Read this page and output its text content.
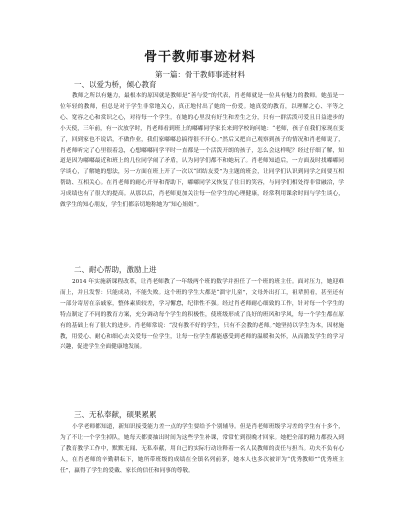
骨干教师事迹材料
第一篇：骨干教师事迹材料
一、以爱为桥，倾心教育
教师之所以有魅力，最根本的原因就是教师是“善与爱”的代表，肖老师就是一位具有魅力的教师。她虽是一位年轻的教师，但总是对于学生非常地关心，真正地付出了她的一份爱。她真爱的教育，以理解之心、平等之心、宽容之心和赏识之心，对待每一个学生，在她的心里没有好生和差生之分，只有一群活泼可爱且日益进步的小天使，三年前，有一次放学时，肖老师看到班上的嘟嘟同学家长来到学校询问她：“老师，孩子在我们家现在变了，回到家也不说话，不做作业，我们家嘟嘟总搞得很不开心。”然后又把自己观察到孩子的情况和肖老师说了，肖老师听完了心里很着急，心想嘟嘟同学平时一直都是一个活泼开朗的孩子，怎么会这样呢？经过仔细了解，知道是因为嘟嘟最近和班上的几位同学闹了矛盾，认为同学们都不和她玩了。肖老师知道后，一方面及时找嘟嘟同学谈心，了解她的想法，另一方面在班上开了一次以“团结友爱”为主题的班会，让同学们认识到同学之间要互相帮助、互相关心。在肖老师的耐心开导和帮助下，嘟嘟同学又恢复了往日的笑容，与同学们相处得非常融洽，学习成绩也有了很大的提高。从那以后，肖老师更加关注每一位学生的心理健康，经常利用课余时间与学生谈心，做学生的知心朋友，学生们都亲切地称她为“知心姐姐”。
二、耐心帮助，激励上进
2014 年实施新课程改革，让肖老师教了一年级两个班的数学并担任了一个班的班主任。面对压力，她迎难而上，并且发誓：只能成功，不能失败。这个班的学生大都是“溜守儿童”，文母外出打工，祖辈照看，甚至还有一部分寄居在亲戚家，整体素质较差，学习懈怠，纪律性不强。经过肖老师耐心细致的工作，针对每一个学生的特点制定了不同的教育方案，充分调动每个学生的积极性，使班级形成了良好的班风和学风，每一个学生都在原有的基础上有了很大的进步。肖老师常说：“没有教不好的学生，只有不会教的老师。”她坚持以学生为本，因材施教，用爱心、耐心和细心去关爱每一位学生，让每一位学生都能感受到老师的温暖和关怀，从而激发学生的学习兴趣，促进学生全面健康地发展。
三、无私奉献，硕果累累
小学老师都知道，新知识接受能力差一点的学生要给予个别辅导。但是肖老师班级学习差的学生有十多个，为了不让一个学生掉队，她每天都要抽出时间为这些学生补课，常常忙到很晚才回家。她把全部的精力都投入到了教育教学工作中，默默无闻、无私奉献，用自己的实际行动诠释着一名人民教师的责任与担当。功夫不负有心人，在肖老师的辛勤耕耘下，她所带班级的成绩在全镇名列前茅，她本人也多次被评为“优秀教师”“优秀班主任”，赢得了学生的爱戴、家长的信任和同事的尊敬。
